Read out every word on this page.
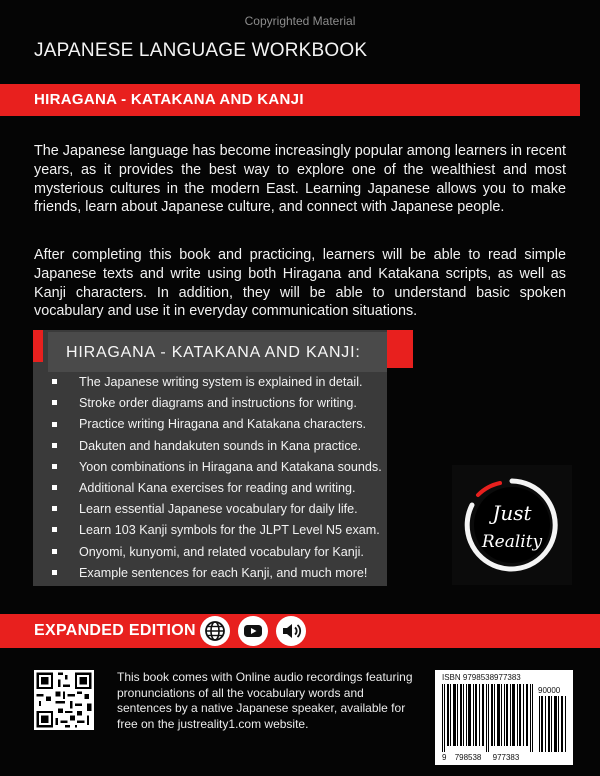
Copyrighted Material
JAPANESE LANGUAGE WORKBOOK
HIRAGANA - KATAKANA AND KANJI

The Japanese language has become increasingly popular among learners in recent years, as it provides the best way to explore one of the wealthiest and most mysterious cultures in the modern East. Learning Japanese allows you to make friends, learn about Japanese culture, and connect with Japanese people.

After completing this book and practicing, learners will be able to read simple Japanese texts and write using both Hiragana and Katakana scripts, as well as Kanji characters. In addition, they will be able to understand basic spoken vocabulary and use it in everyday communication situations.

HIRAGANA - KATAKANA AND KANJI:
The Japanese writing system is explained in detail.
Stroke order diagrams and instructions for writing.
Practice writing Hiragana and Katakana characters.
Dakuten and handakuten sounds in Kana practice.
Yoon combinations in Hiragana and Katakana sounds.
Additional Kana exercises for reading and writing.
Learn essential Japanese vocabulary for daily life.
Learn 103 Kanji symbols for the JLPT Level N5 exam.
Onyomi, kunyomi, and related vocabulary for Kanji.
Example sentences for each Kanji, and much more!
Just
Reality
EXPANDED EDITION

This book comes with Online audio recordings featuring pronunciations of all the vocabulary words and sentences by a native Japanese speaker, available for free on the justreality1.com website.

ISBN 9798538977383
90000
9 798538 977383
